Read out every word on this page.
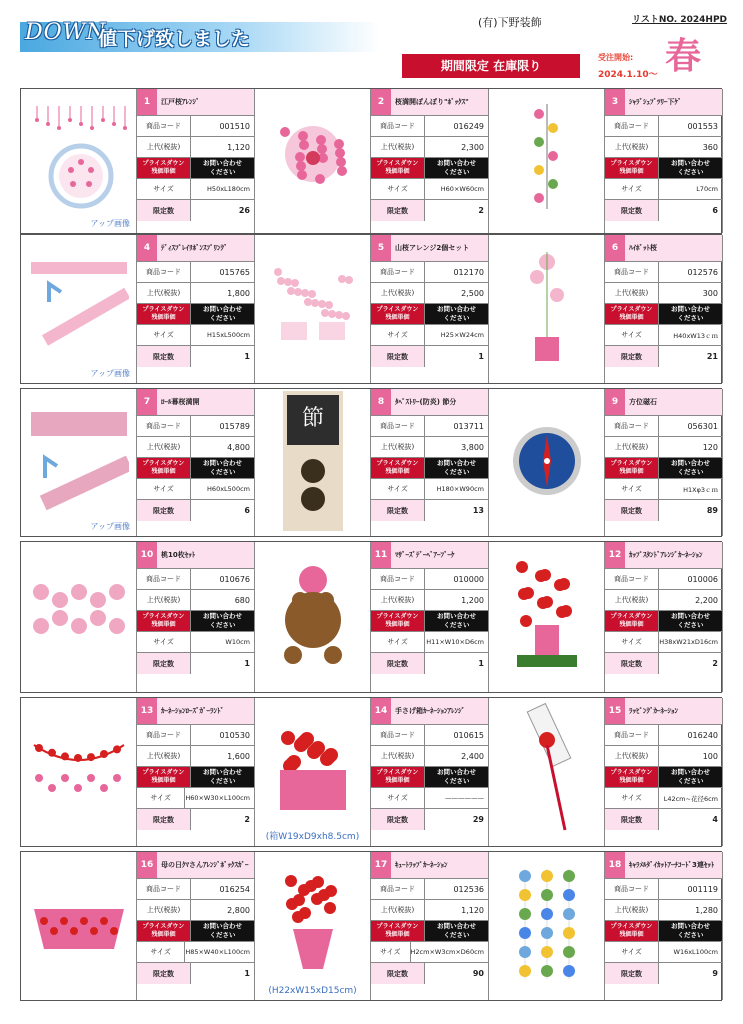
DOWN
値下げ致しました
(有)下野装飾	リストNO. 2024HPD
期間限定 在庫限り
受注開始:
2024.1.10～ 春
アップ画像
1	江戸桜ｱﾚﾝｼﾞ
商品コード	001510
上代(税抜)	1,120
プライスダウン
残価単価
お問い合わせ
ください
サイズ	H50xL180cm
限定数	26
2	桜満開ぼんぼり"ﾎﾞｯｸｽ"
商品コード	016249
上代(税抜)	2,300
プライスダウン
残価単価
お問い合わせ
ください
サイズ	H60×W60cm
限定数	2
3	ｼｬﾗﾞｼｪﾌﾞﾂﾘｰ下ｹﾞ
商品コード	001553
上代(税抜)	360
プライスダウン
残価単価
お問い合わせ
ください
サイズ	L70cm
限定数	6
アップ画像
4	ﾃﾞｨｽﾌﾟﾚｲﾘﾎﾞﾝｽﾌﾟﾘﾝｸﾞ
商品コード	015765
上代(税抜)	1,800
プライスダウン
残価単価
お問い合わせ
ください
サイズ	H15xL500cm
限定数	1
5	山桜アレンジ2個セット
商品コード	012170
上代(税抜)	2,500
プライスダウン
残価単価
お問い合わせ
ください
サイズ	H25×W24cm
限定数	1
6	ﾊｲﾎﾞｯﾄ桜
商品コード	012576
上代(税抜)	300
プライスダウン
残価単価
お問い合わせ
ください
サイズ	H40xW13ｃｍ
限定数	21
アップ画像
7	ﾛｰﾙ幕桜満開
商品コード	015789
上代(税抜)	4,800
プライスダウン
残価単価
お問い合わせ
ください
サイズ	H60xL500cm
限定数	6
節
8	ﾀﾍﾟｽﾄﾘｰ(防炎) 節分
商品コード	013711
上代(税抜)	3,800
プライスダウン
残価単価
お問い合わせ
ください
サイズ	H180×W90cm
限定数	13
9	方位磁石
商品コード	056301
上代(税抜)	120
プライスダウン
残価単価
お問い合わせ
ください
サイズ	H1Xφ3ｃｍ
限定数	89
10	桃10枚ｾｯﾄ
商品コード	010676
上代(税抜)	680
プライスダウン
残価単価
お問い合わせ
ください
サイズ	W10cm
限定数	1
11	ﾏｻﾞｰｽﾞﾃﾞｰﾍﾞｱｰﾌﾞｰｹ
商品コード	010000
上代(税抜)	1,200
プライスダウン
残価単価
お問い合わせ
ください
サイズ	H11×W10×D6cm
限定数	1
12	ｶｯﾌﾟｽﾀﾝﾄﾞｱﾚﾝｼﾞｶｰﾈｰｼｮﾝ
商品コード	010006
上代(税抜)	2,200
プライスダウン
残価単価
お問い合わせ
ください
サイズ	H38xW21xD16cm
限定数	2
13	ｶｰﾈｰｼｮﾝﾛｰｽﾞｶﾞｰﾗﾝﾄﾞ
商品コード	010530
上代(税抜)	1,600
プライスダウン
残価単価
お問い合わせ
ください
サイズ	H60×W30×L100cm
限定数	2
(箱W19xD9xh8.5cm)
14	手さげ箱ｶｰﾈｰｼｮﾝｱﾚﾝｼﾞ
商品コード	010615
上代(税抜)	2,400
プライスダウン
残価単価
お問い合わせ
ください
サイズ	——————
限定数	29
15	ﾗｯﾋﾟﾝｸﾞｶｰﾈｰｼｮﾝ
商品コード	016240
上代(税抜)	100
プライスダウン
残価単価
お問い合わせ
ください
サイズ	L42cm~花径6cm
限定数	4
16	母の日ｸﾏさんｱﾚﾝｼﾞﾎﾞｯｸｽｶﾞｰ
商品コード	016254
上代(税抜)	2,800
プライスダウン
残価単価
お問い合わせ
ください
サイズ	H85×W40×L100cm
限定数	1
(H22xW15xD15cm)
17	ｷｭｰﾄﾗｯﾌﾟｶｰﾈｰｼｮﾝ
商品コード	012536
上代(税抜)	1,120
プライスダウン
残価単価
お問い合わせ
ください
サイズ	H2cm×W3cm×D60cm
限定数	90
18	ｷｬﾗﾒﾙﾀﾞｲｶｯﾄｱｰﾁｺｰﾄﾞ3連ｾｯﾄ
商品コード	001119
上代(税抜)	1,280
プライスダウン
残価単価
お問い合わせ
ください
サイズ	W16xL100cm
限定数	9
